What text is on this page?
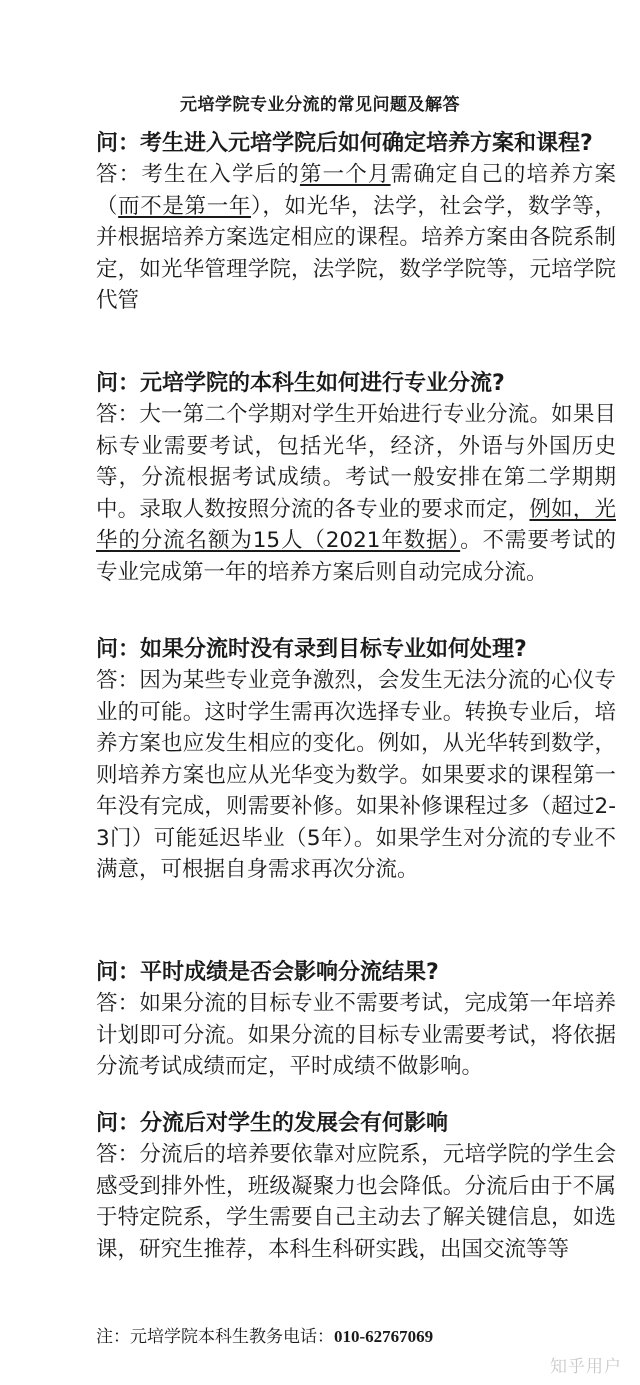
元培学院专业分流的常见问题及解答

问：考生进入元培学院后如何确定培养方案和课程?

答：考生在入学后的第一个月需确定自己的培养方案（而不是第一年），如光华，法学，社会学，数学等，并根据培养方案选定相应的课程。培养方案由各院系制定，如光华管理学院，法学院，数学学院等，元培学院代管

问：元培学院的本科生如何进行专业分流?

答：大一第二个学期对学生开始进行专业分流。如果目标专业需要考试，包括光华，经济，外语与外国历史等，分流根据考试成绩。考试一般安排在第二学期期中。录取人数按照分流的各专业的要求而定，例如，光华的分流名额为15人（2021年数据）。不需要考试的专业完成第一年的培养方案后则自动完成分流。

问：如果分流时没有录到目标专业如何处理?

答：因为某些专业竞争激烈，会发生无法分流的心仪专业的可能。这时学生需再次选择专业。转换专业后，培养方案也应发生相应的变化。例如，从光华转到数学，则培养方案也应从光华变为数学。如果要求的课程第一年没有完成，则需要补修。如果补修课程过多（超过2-3门）可能延迟毕业（5年）。如果学生对分流的专业不满意，可根据自身需求再次分流。

问：平时成绩是否会影响分流结果?

答：如果分流的目标专业不需要考试，完成第一年培养计划即可分流。如果分流的目标专业需要考试，将依据分流考试成绩而定，平时成绩不做影响。

问：分流后对学生的发展会有何影响

答：分流后的培养要依靠对应院系，元培学院的学生会感受到排外性，班级凝聚力也会降低。分流后由于不属于特定院系，学生需要自己主动去了解关键信息，如选课，研究生推荐，本科生科研实践，出国交流等等

注：元培学院本科生教务电话：010-62767069
知乎用户
